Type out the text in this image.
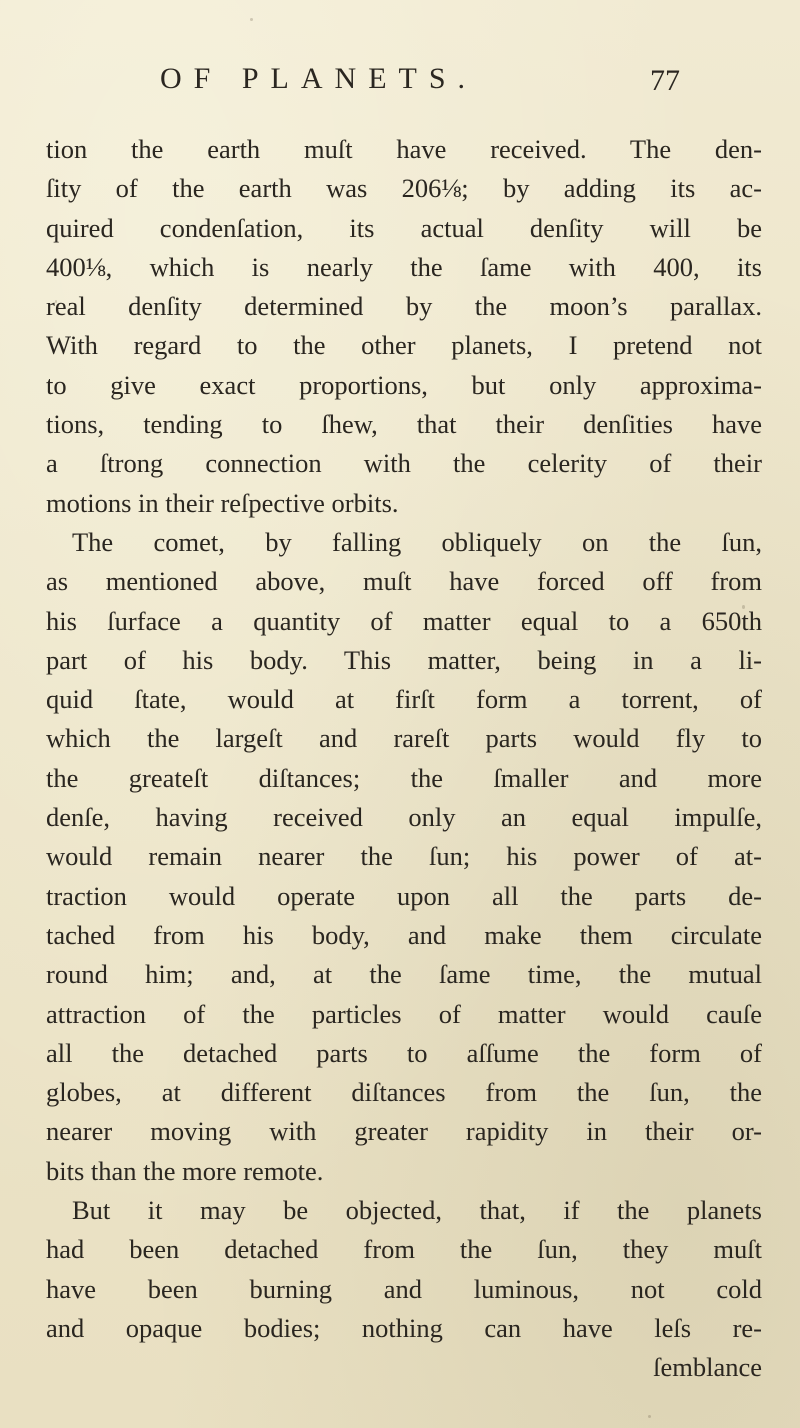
OF PLANETS.	77
tion the earth muſt have received. The den-
ſity of the earth was 206⅛; by adding its ac-
quired condenſation, its actual denſity will be
400⅛, which is nearly the ſame with 400, its
real denſity determined by the moon’s parallax.
With regard to the other planets, I pretend not
to give exact proportions, but only approxima-
tions, tending to ſhew, that their denſities have
a ſtrong connection with the celerity of their
motions in their reſpective orbits.
The comet, by falling obliquely on the ſun,
as mentioned above, muſt have forced off from
his ſurface a quantity of matter equal to a 650th
part of his body. This matter, being in a li-
quid ſtate, would at firſt form a torrent, of
which the largeſt and rareſt parts would fly to
the greateſt diſtances; the ſmaller and more
denſe, having received only an equal impulſe,
would remain nearer the ſun; his power of at-
traction would operate upon all the parts de-
tached from his body, and make them circulate
round him; and, at the ſame time, the mutual
attraction of the particles of matter would cauſe
all the detached parts to aſſume the form of
globes, at different diſtances from the ſun, the
nearer moving with greater rapidity in their or-
bits than the more remote.
But it may be objected, that, if the planets
had been detached from the ſun, they muſt
have been burning and luminous, not cold
and opaque bodies; nothing can have leſs re-
ſemblance
